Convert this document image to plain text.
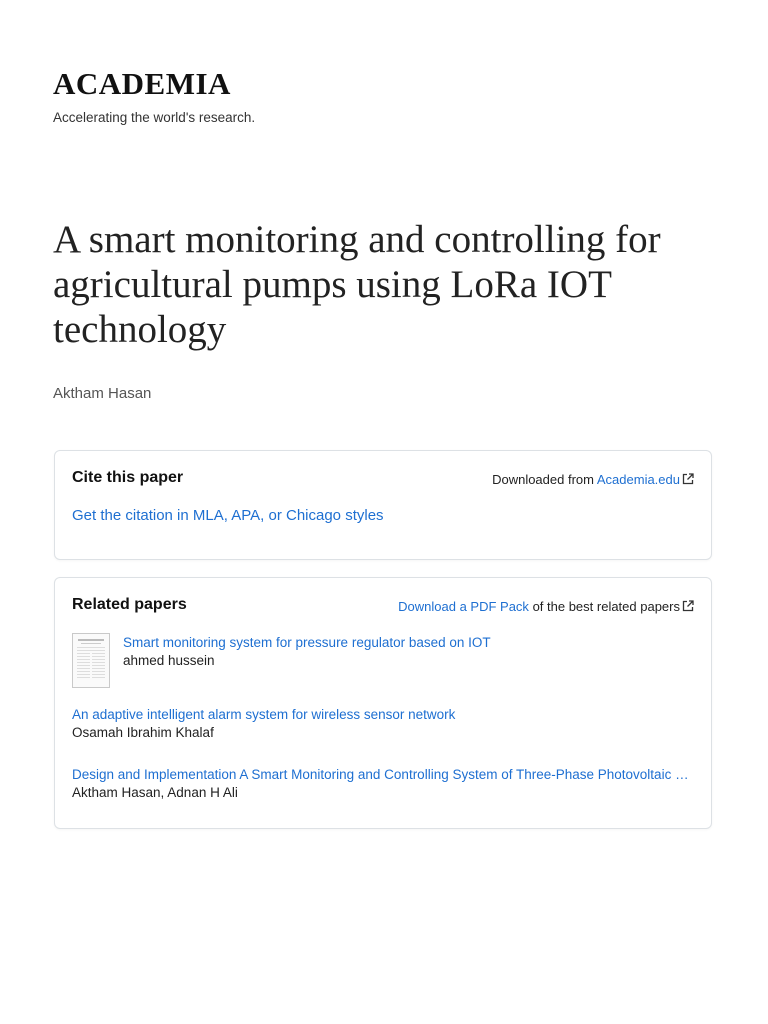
ACADEMIA
Accelerating the world's research.
A smart monitoring and controlling for agricultural pumps using LoRa IOT technology
Aktham Hasan
Cite this paper	Downloaded from Academia.edu
Get the citation in MLA, APA, or Chicago styles
Related papers	Download a PDF Pack of the best related papers
Smart monitoring system for pressure regulator based on IOT
ahmed hussein
An adaptive intelligent alarm system for wireless sensor network
Osamah Ibrahim Khalaf
Design and Implementation A Smart Monitoring and Controlling System of Three-Phase Photovoltaic …
Aktham Hasan, Adnan H Ali
